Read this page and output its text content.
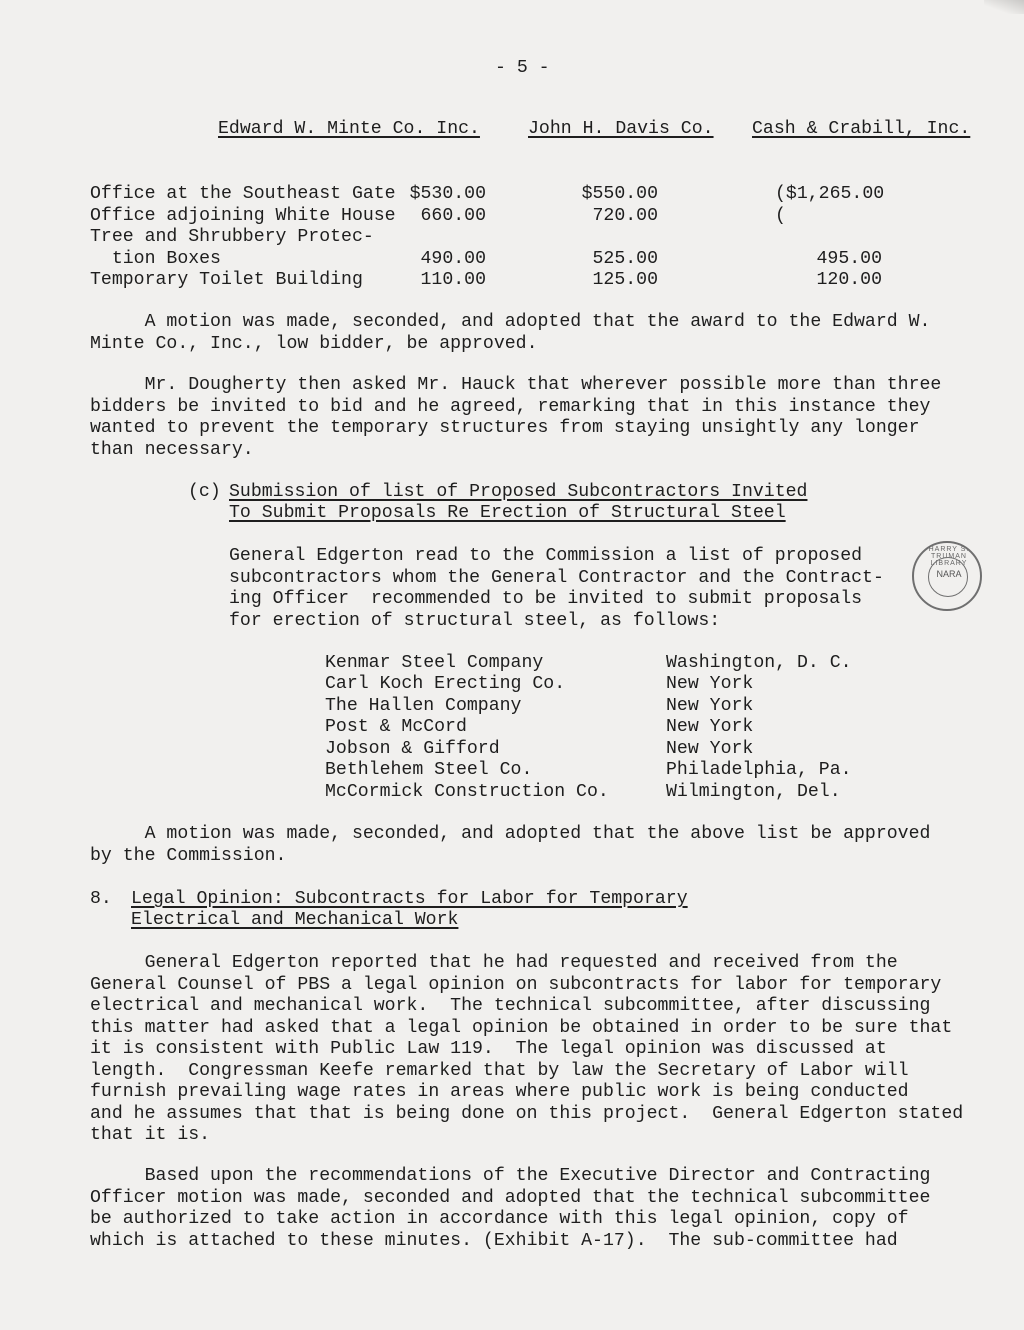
- 5 -
Edward W. Minte Co. Inc.	John H. Davis Co. Cash & Crabill, Inc.
Office at the Southeast Gate $530.00	$550.00	($1,265.00
Office adjoining White House	660.00	720.00	(
Tree and Shrubbery Protec-
tion Boxes	490.00	525.00	495.00
Temporary Toilet Building	110.00	125.00	120.00
A motion was made, seconded, and adopted that the award to the Edward W.
Minte Co., Inc., low bidder, be approved.
Mr. Dougherty then asked Mr. Hauck that wherever possible more than three
bidders be invited to bid and he agreed, remarking that in this instance they
wanted to prevent the temporary structures from staying unsightly any longer
than necessary.
(c) Submission of list of Proposed Subcontractors Invited
To Submit Proposals Re Erection of Structural Steel
General Edgerton read to the Commission a list of proposed
subcontractors whom the General Contractor and the Contract-
ing Officer  recommended to be invited to submit proposals
for erection of structural steel, as follows:
HARRY S. TRUMAN LIBRARY
NARA
Kenmar Steel Company	Washington, D. C.
Carl Koch Erecting Co.	New York
The Hallen Company	New York
Post & McCord	New York
Jobson & Gifford	New York
Bethlehem Steel Co.	Philadelphia, Pa.
McCormick Construction Co.	Wilmington, Del.
A motion was made, seconded, and adopted that the above list be approved
by the Commission.
8. Legal Opinion: Subcontracts for Labor for Temporary
Electrical and Mechanical Work
General Edgerton reported that he had requested and received from the
General Counsel of PBS a legal opinion on subcontracts for labor for temporary
electrical and mechanical work.  The technical subcommittee, after discussing
this matter had asked that a legal opinion be obtained in order to be sure that
it is consistent with Public Law 119.  The legal opinion was discussed at
length.  Congressman Keefe remarked that by law the Secretary of Labor will
furnish prevailing wage rates in areas where public work is being conducted
and he assumes that that is being done on this project.  General Edgerton stated
that it is.
Based upon the recommendations of the Executive Director and Contracting
Officer motion was made, seconded and adopted that the technical subcommittee
be authorized to take action in accordance with this legal opinion, copy of
which is attached to these minutes. (Exhibit A-17).  The sub-committee had
